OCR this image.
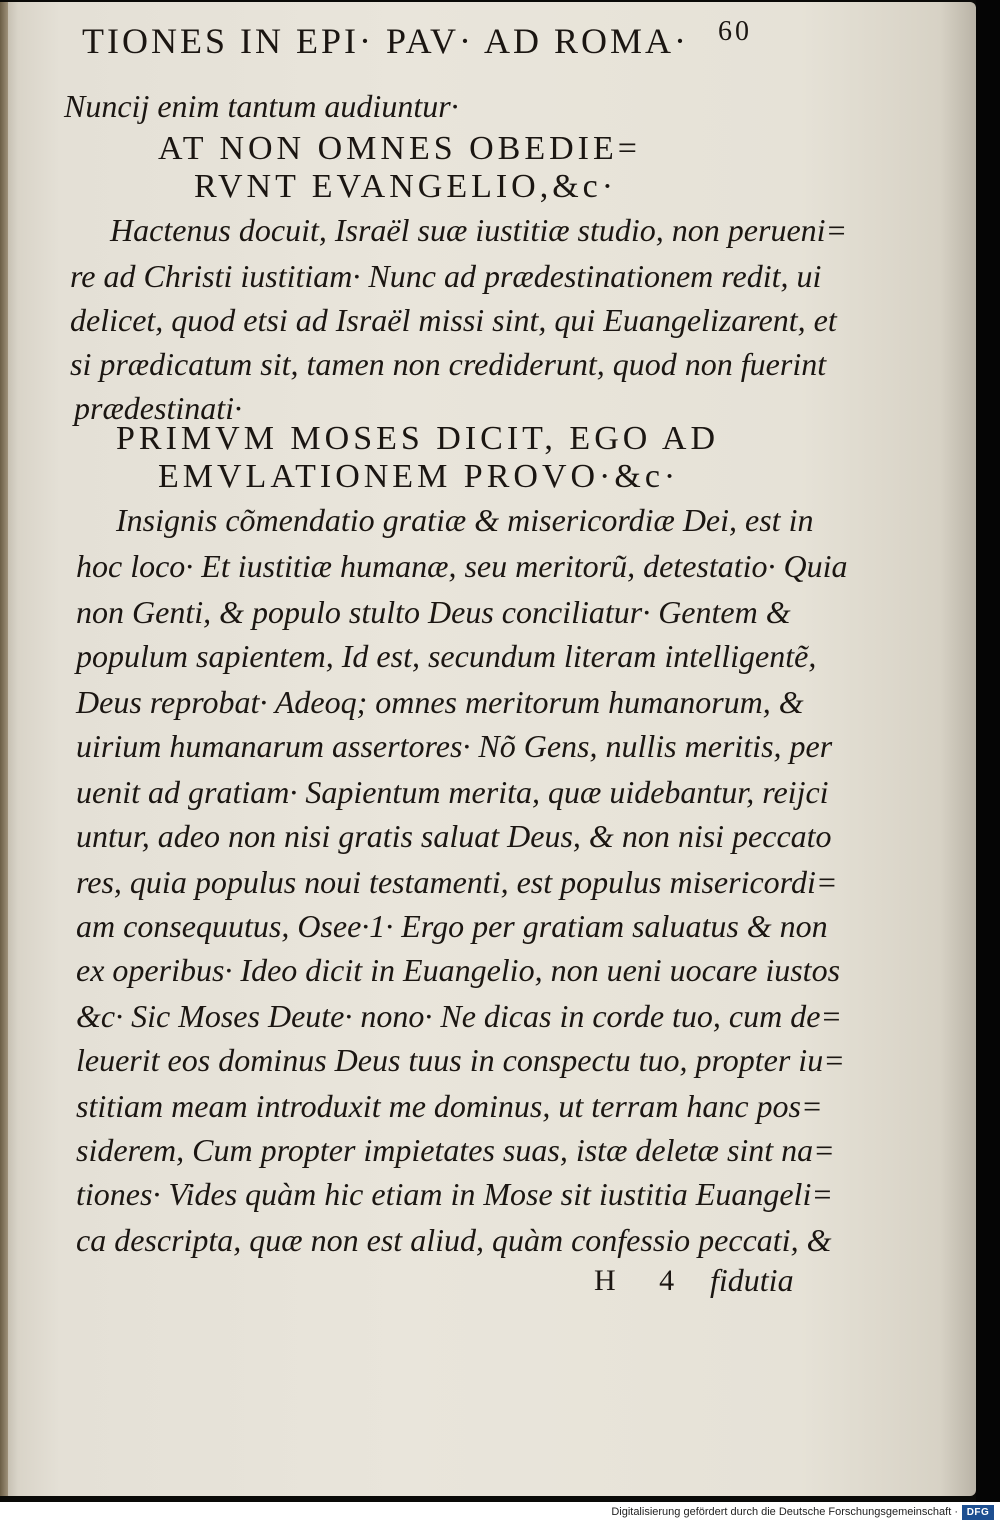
TIONES IN EPI· PAV· AD ROMA· 60
Nuncij enim tantum audiuntur·
AT NON OMNES OBEDIE=
RVNT EVANGELIO,&c·
Hactenus docuit, Israël suæ iustitiæ studio, non perueni=
re ad Christi iustitiam· Nunc ad prædestinationem redit, ui
delicet, quod etsi ad Israël missi sint, qui Euangelizarent, et
si prædicatum sit, tamen non crediderunt, quod non fuerint
prædestinati·
PRIMVM MOSES DICIT, EGO AD
EMVLATIONEM PROVO·&c·
Insignis cõmendatio gratiæ & misericordiæ Dei, est in
hoc loco· Et iustitiæ humanæ, seu meritorũ, detestatio· Quia
non Genti, & populo stulto Deus conciliatur· Gentem &
populum sapientem, Id est, secundum literam intelligentẽ,
Deus reprobat· Adeoq; omnes meritorum humanorum, &
uirium humanarum assertores· Nõ Gens, nullis meritis, per
uenit ad gratiam· Sapientum merita, quæ uidebantur, reijci
untur, adeo non nisi gratis saluat Deus, & non nisi peccato
res, quia populus noui testamenti, est populus misericordi=
am consequutus, Osee·1· Ergo per gratiam saluatus & non
ex operibus· Ideo dicit in Euangelio, non ueni uocare iustos
&c· Sic Moses Deute· nono· Ne dicas in corde tuo, cum de=
leuerit eos dominus Deus tuus in conspectu tuo, propter iu=
stitiam meam introduxit me dominus, ut terram hanc pos=
siderem, Cum propter impietates suas, istæ deletæ sint na=
tiones· Vides quàm hic etiam in Mose sit iustitia Euangeli=
ca descripta, quæ non est aliud, quàm confessio peccati, &
H 4 fidutia
Digitalisierung gefördert durch die Deutsche Forschungsgemeinschaft · DFG
